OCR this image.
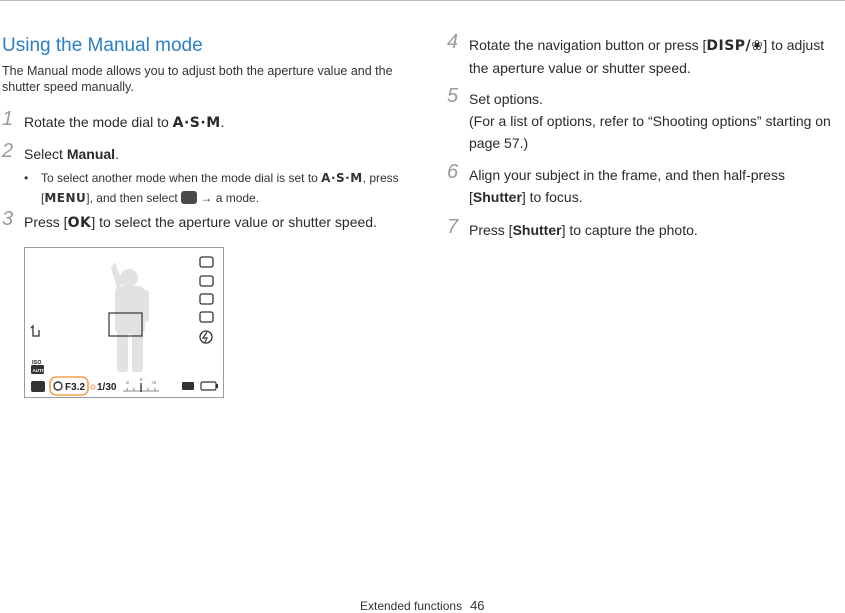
Using the Manual mode
The Manual mode allows you to adjust both the aperture value and the shutter speed manually.
1 Rotate the mode dial to A·S·M.
2 Select Manual.
•	To select another mode when the mode dial is set to A·S·M, press [MENU], and then select → a mode.
3 Press [OK] to select the aperture value or shutter speed.
F3.2 1/30
ISO
AUTO
-2
0
+2
4 Rotate the navigation button or press [DISP/❀] to adjust the aperture value or shutter speed.
5 Set options.
(For a list of options, refer to “Shooting options” starting on page 57.)
6 Align your subject in the frame, and then half-press [Shutter] to focus.
7 Press [Shutter] to capture the photo.
Extended functions 46
